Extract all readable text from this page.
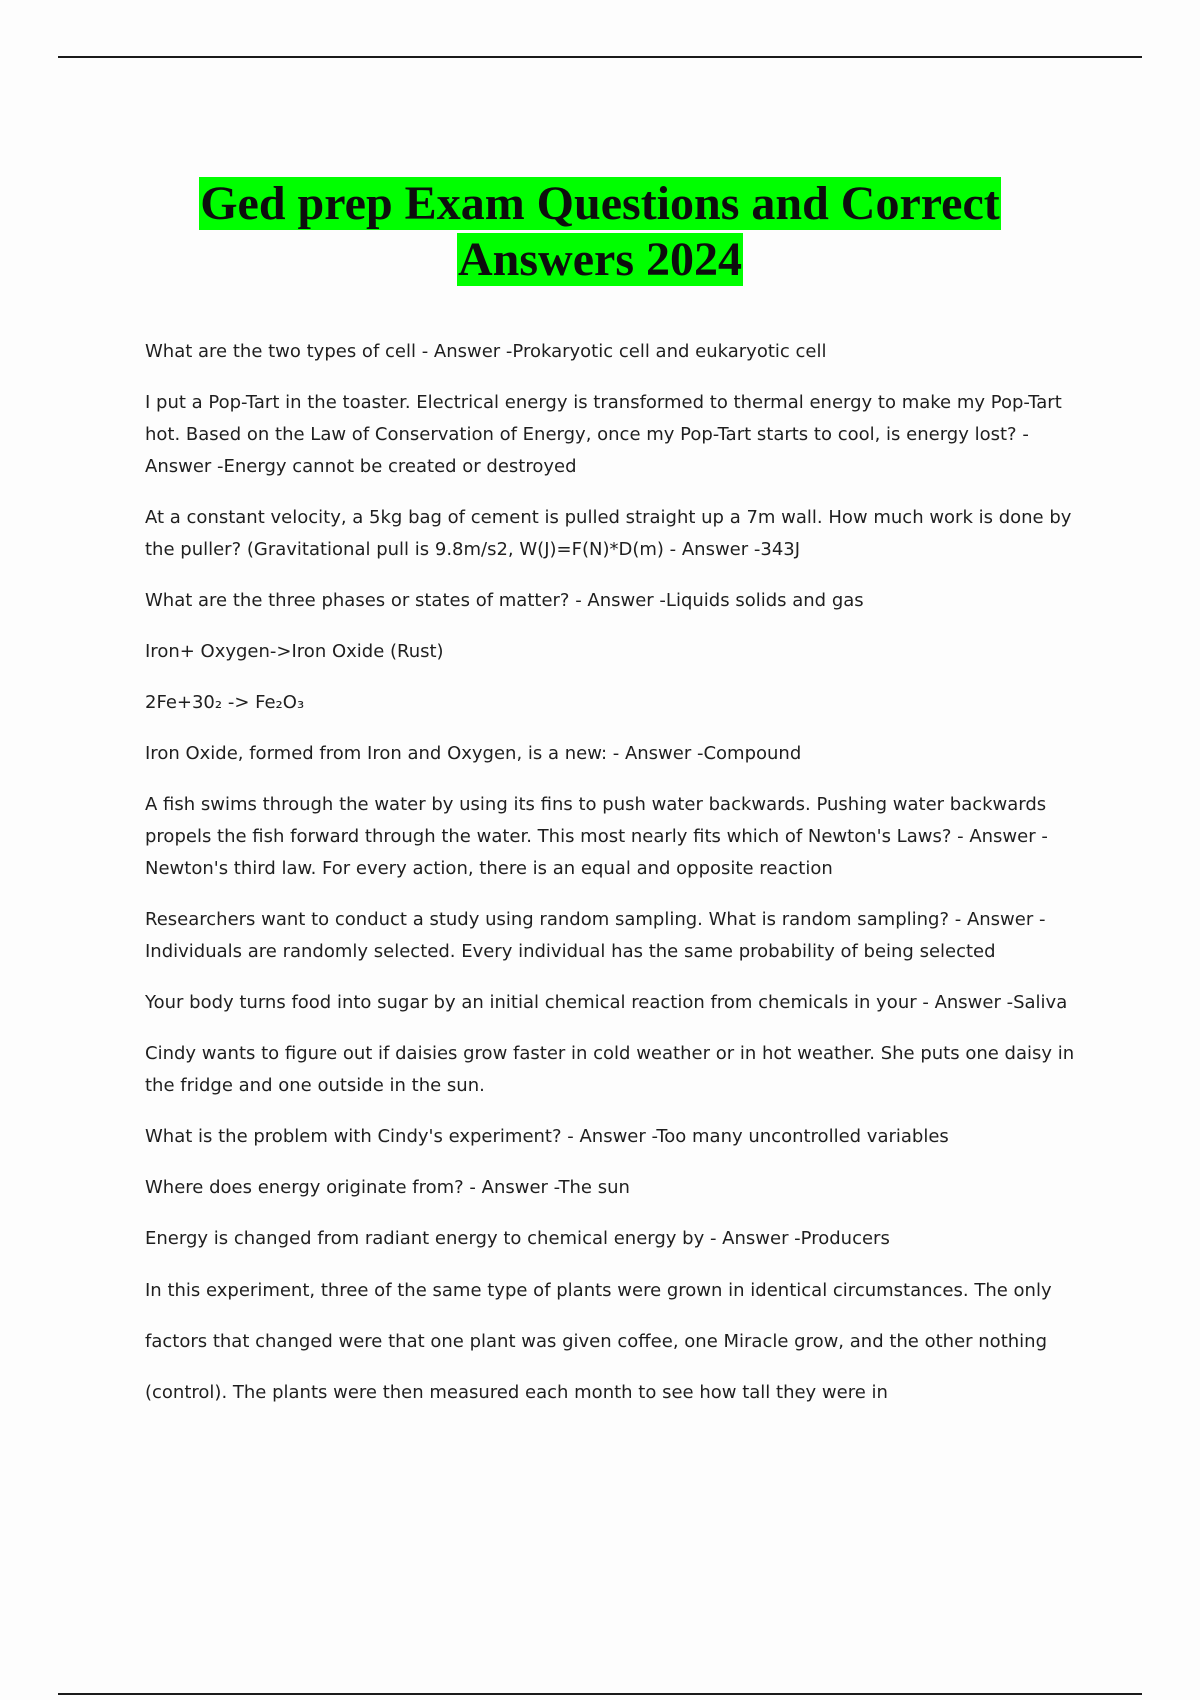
Ged prep Exam Questions and Correct
Answers 2024

What are the two types of cell - Answer -Prokaryotic cell and eukaryotic cell

I put a Pop-Tart in the toaster. Electrical energy is transformed to thermal energy to make my Pop-Tart hot. Based on the Law of Conservation of Energy, once my Pop-Tart starts to cool, is energy lost? - Answer -Energy cannot be created or destroyed

At a constant velocity, a 5kg bag of cement is pulled straight up a 7m wall. How much work is done by the puller? (Gravitational pull is 9.8m/s2, W(J)=F(N)*D(m) - Answer -343J

What are the three phases or states of matter? - Answer -Liquids solids and gas

Iron+ Oxygen->Iron Oxide (Rust)

2Fe+30₂ -> Fe₂O₃

Iron Oxide, formed from Iron and Oxygen, is a new: - Answer -Compound

A fish swims through the water by using its fins to push water backwards. Pushing water backwards propels the fish forward through the water. This most nearly fits which of Newton's Laws? - Answer -Newton's third law. For every action, there is an equal and opposite reaction

Researchers want to conduct a study using random sampling. What is random sampling? - Answer -Individuals are randomly selected. Every individual has the same probability of being selected

Your body turns food into sugar by an initial chemical reaction from chemicals in your - Answer -Saliva

Cindy wants to figure out if daisies grow faster in cold weather or in hot weather. She puts one daisy in the fridge and one outside in the sun.

What is the problem with Cindy's experiment? - Answer -Too many uncontrolled variables

Where does energy originate from? - Answer -The sun

Energy is changed from radiant energy to chemical energy by - Answer -Producers

In this experiment, three of the same type of plants were grown in identical circumstances. The only factors that changed were that one plant was given coffee, one Miracle grow, and the other nothing (control). The plants were then measured each month to see how tall they were in
